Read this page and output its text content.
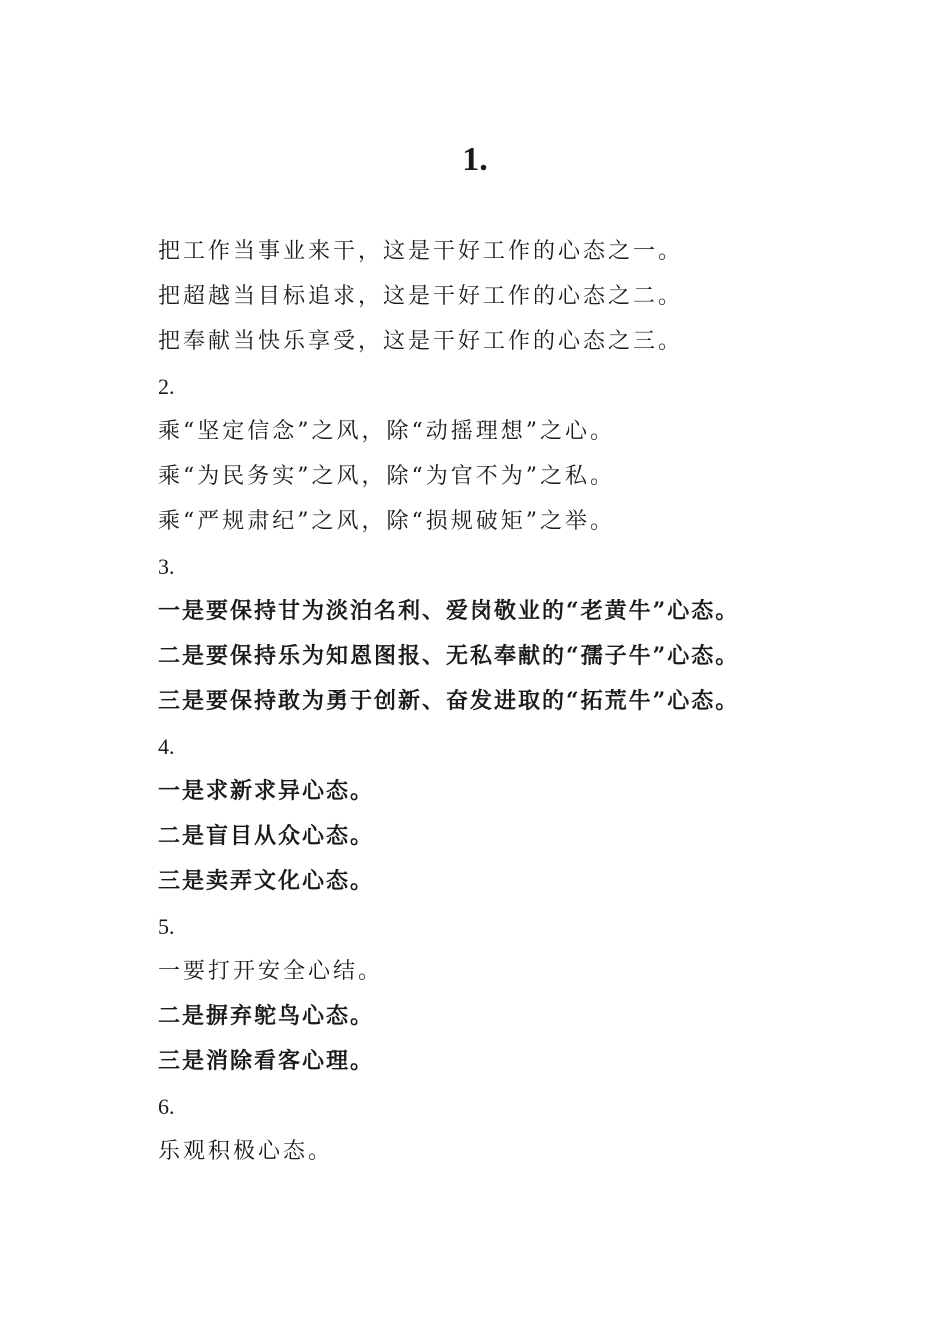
1.
把工作当事业来干，这是干好工作的心态之一。
把超越当目标追求，这是干好工作的心态之二。
把奉献当快乐享受，这是干好工作的心态之三。
2.
乘“坚定信念”之风，除“动摇理想”之心。
乘“为民务实”之风，除“为官不为”之私。
乘“严规肃纪”之风，除“损规破矩”之举。
3.
一是要保持甘为淡泊名利、爱岗敬业的“老黄牛”心态。
二是要保持乐为知恩图报、无私奉献的“孺子牛”心态。
三是要保持敢为勇于创新、奋发进取的“拓荒牛”心态。
4.
一是求新求异心态。
二是盲目从众心态。
三是卖弄文化心态。
5.
一要打开安全心结。
二是摒弃鸵鸟心态。
三是消除看客心理。
6.
乐观积极心态。
